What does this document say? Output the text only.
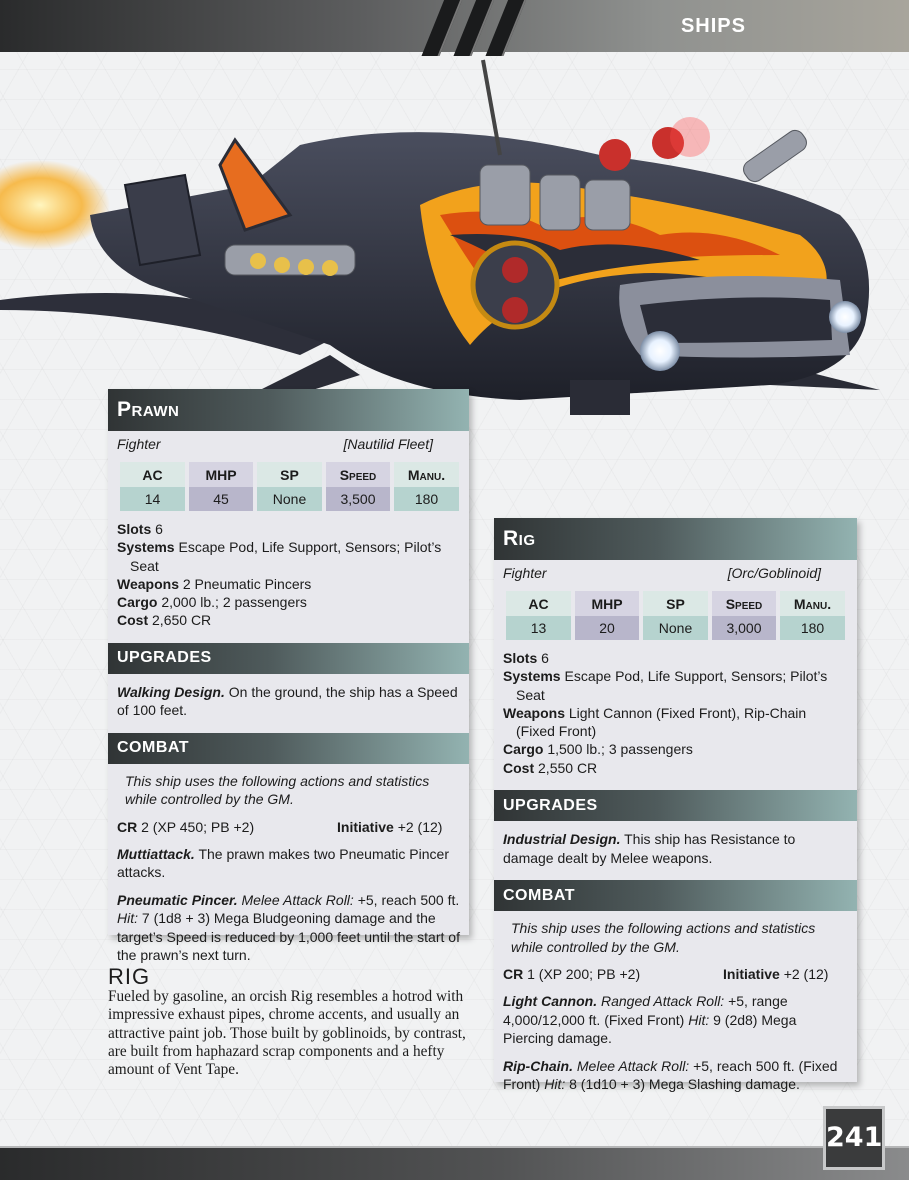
SHIPS
Prawn
Fighter	[Nautilid Fleet]
AC	MHP	SP	Speed	Manu.
14	45	None	3,500	180
Slots 6
Systems Escape Pod, Life Support, Sensors; Pilot’s Seat
Weapons 2 Pneumatic Pincers
Cargo 2,000 lb.; 2 passengers
Cost 2,650 CR
UPGRADES
Walking Design. On the ground, the ship has a Speed of 100 feet.
COMBAT
This ship uses the following actions and statistics while controlled by the GM.
CR 2 (XP 450; PB +2)	Initiative +2 (12)
Muttiattack. The prawn makes two Pneumatic Pincer attacks.
Pneumatic Pincer. Melee Attack Roll: +5, reach 500 ft. Hit: 7 (1d8 + 3) Mega Bludgeoning damage and the target’s Speed is reduced by 1,000 feet until the start of the prawn’s next turn.
Rig
Fighter	[Orc/Goblinoid]
AC	MHP	SP	Speed	Manu.
13	20	None	3,000	180
Slots 6
Systems Escape Pod, Life Support, Sensors; Pilot’s Seat
Weapons Light Cannon (Fixed Front), Rip-Chain (Fixed Front)
Cargo 1,500 lb.; 3 passengers
Cost 2,550 CR
UPGRADES
Industrial Design. This ship has Resistance to damage dealt by Melee weapons.
COMBAT
This ship uses the following actions and statistics while controlled by the GM.
CR 1 (XP 200; PB +2)	Initiative +2 (12)
Light Cannon. Ranged Attack Roll: +5, range 4,000/12,000 ft. (Fixed Front) Hit: 9 (2d8) Mega Piercing damage.
Rip-Chain. Melee Attack Roll: +5, reach 500 ft. (Fixed Front) Hit: 8 (1d10 + 3) Mega Slashing damage.
RIG
Fueled by gasoline, an orcish Rig resembles a hotrod with impressive exhaust pipes, chrome accents, and usually an attractive paint job. Those built by goblinoids, by contrast, are built from haphazard scrap components and a hefty amount of Vent Tape.
241
